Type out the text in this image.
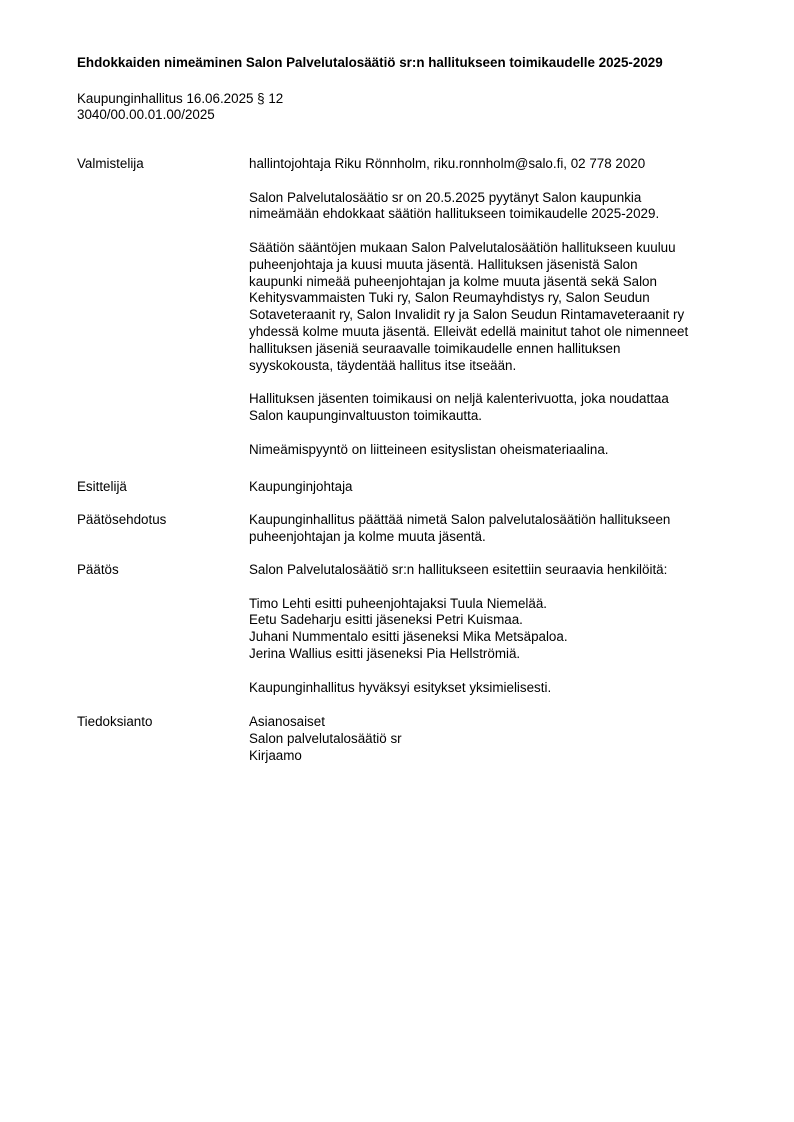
Ehdokkaiden nimeäminen Salon Palvelutalosäätiö sr:n hallitukseen toimikaudelle 2025-2029
Kaupunginhallitus 16.06.2025 § 12
3040/00.00.01.00/2025
Valmistelija	hallintojohtaja Riku Rönnholm, riku.ronnholm@salo.fi, 02 778 2020

Salon Palvelutalosäätio sr on 20.5.2025 pyytänyt Salon kaupunkia
nimeämään ehdokkaat säätiön hallitukseen toimikaudelle 2025-2029.

Säätiön sääntöjen mukaan Salon Palvelutalosäätiön hallitukseen kuuluu
puheenjohtaja ja kuusi muuta jäsentä. Hallituksen jäsenistä Salon
kaupunki nimeää puheenjohtajan ja kolme muuta jäsentä sekä Salon
Kehitysvammaisten Tuki ry, Salon Reumayhdistys ry, Salon Seudun
Sotaveteraanit ry, Salon Invalidit ry ja Salon Seudun Rintamaveteraanit ry
yhdessä kolme muuta jäsentä. Elleivät edellä mainitut tahot ole nimenneet
hallituksen jäseniä seuraavalle toimikaudelle ennen hallituksen
syyskokousta, täydentää hallitus itse itseään.

Hallituksen jäsenten toimikausi on neljä kalenterivuotta, joka noudattaa
Salon kaupunginvaltuuston toimikautta.

Nimeämispyyntö on liitteineen esityslistan oheismateriaalina.

Esittelijä	Kaupunginjohtaja
Päätösehdotus	Kaupunginhallitus päättää nimetä Salon palvelutalosäätiön hallitukseen
puheenjohtajan ja kolme muuta jäsentä.
Päätös	Salon Palvelutalosäätiö sr:n hallitukseen esitettiin seuraavia henkilöitä:

Timo Lehti esitti puheenjohtajaksi Tuula Niemelää.
Eetu Sadeharju esitti jäseneksi Petri Kuismaa.
Juhani Nummentalo esitti jäseneksi Mika Metsäpaloa.
Jerina Wallius esitti jäseneksi Pia Hellströmiä.

Kaupunginhallitus hyväksyi esitykset yksimielisesti.

Tiedoksianto	Asianosaiset
Salon palvelutalosäätiö sr
Kirjaamo
